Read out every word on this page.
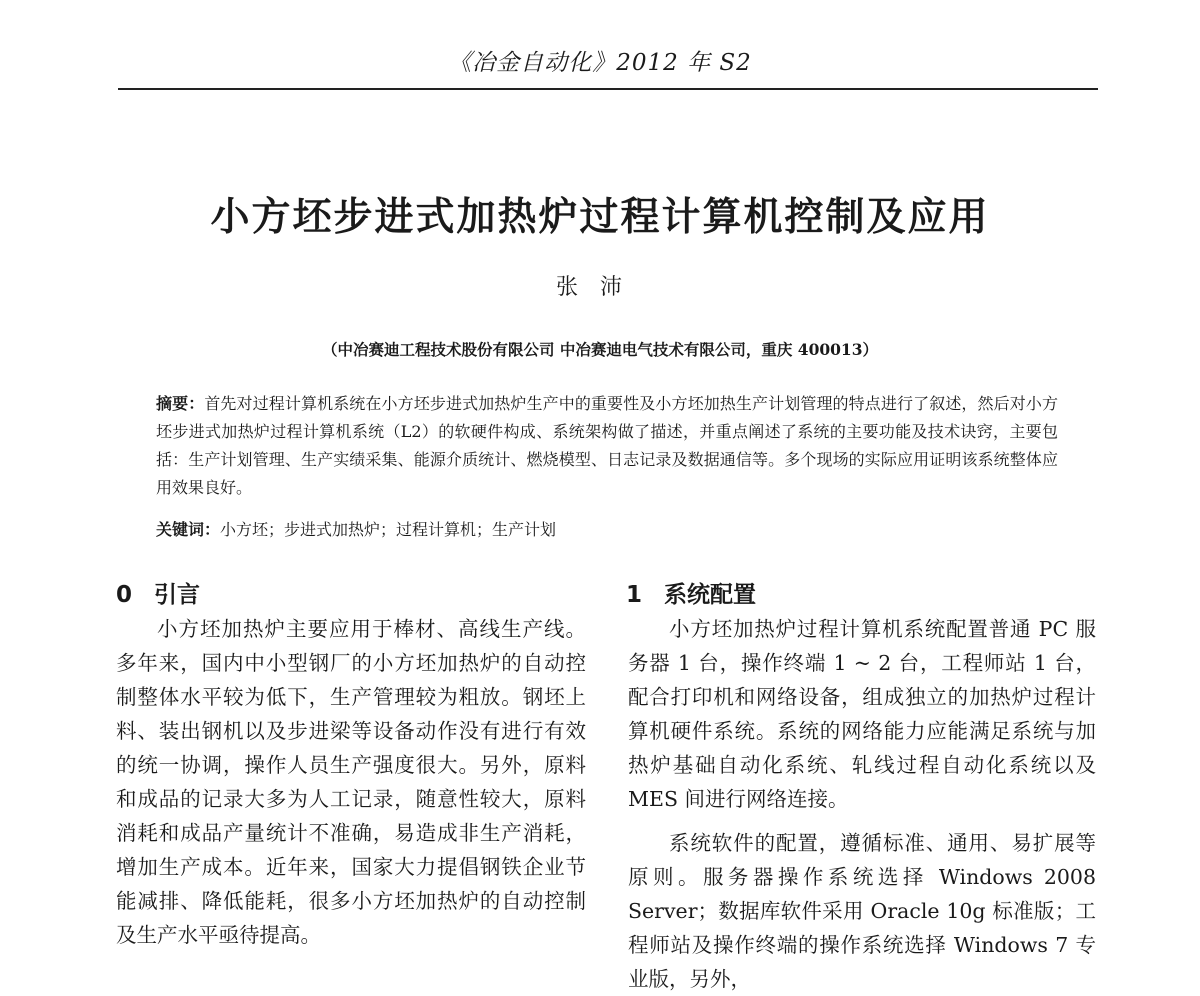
《冶金自动化》2012 年 S2
小方坯步进式加热炉过程计算机控制及应用
张沛
（中冶赛迪工程技术股份有限公司 中冶赛迪电气技术有限公司，重庆 400013）
摘要：首先对过程计算机系统在小方坯步进式加热炉生产中的重要性及小方坯加热生产计划管理的特点进行了叙述，然后对小方坯步进式加热炉过程计算机系统（L2）的软硬件构成、系统架构做了描述，并重点阐述了系统的主要功能及技术诀窍，主要包括：生产计划管理、生产实绩采集、能源介质统计、燃烧模型、日志记录及数据通信等。多个现场的实际应用证明该系统整体应用效果良好。
关键词：小方坯；步进式加热炉；过程计算机；生产计划
0 引言	1 系统配置

小方坯加热炉主要应用于棒材、高线生产线。多年来，国内中小型钢厂的小方坯加热炉的自动控制整体水平较为低下，生产管理较为粗放。钢坯上料、装出钢机以及步进梁等设备动作没有进行有效的统一协调，操作人员生产强度很大。另外，原料和成品的记录大多为人工记录，随意性较大，原料消耗和成品产量统计不准确，易造成非生产消耗，增加生产成本。近年来，国家大力提倡钢铁企业节能减排、降低能耗，很多小方坯加热炉的自动控制及生产水平亟待提高。

小方坯加热炉过程计算机系统配置普通 PC 服务器 1 台，操作终端 1 ~ 2 台，工程师站 1 台，配合打印机和网络设备，组成独立的加热炉过程计算机硬件系统。系统的网络能力应能满足系统与加热炉基础自动化系统、轧线过程自动化系统以及 MES 间进行网络连接。

系统软件的配置，遵循标准、通用、易扩展等原则。服务器操作系统选择 Windows 2008 Server；数据库软件采用 Oracle 10g 标准版；工程师站及操作终端的操作系统选择 Windows 7 专业版，另外，
